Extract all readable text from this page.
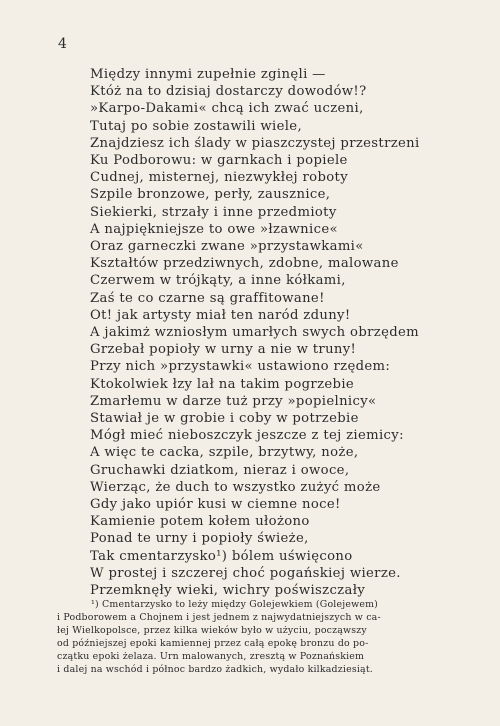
4
Między innymi zupełnie zginęli —
Któż na to dzisiaj dostarczy dowodów!?
»Karpo-Dakami« chcą ich zwać uczeni,
Tutaj po sobie zostawili wiele,
Znajdziesz ich ślady w piaszczystej przestrzeni
Ku Podborowu: w garnkach i popiele
Cudnej, misternej, niezwykłej roboty
Szpile bronzowe, perły, zausznice,
Siekierki, strzały i inne przedmioty
A najpiękniejsze to owe »łzawnice«
Oraz garneczki zwane »przystawkami«
Kształtów przedziwnych, zdobne, malowane
Czerwem w trójkąty, a inne kółkami,
Zaś te co czarne są graffitowane!
Ot! jak artysty miał ten naród zduny!
A jakimż wzniosłym umarłych swych obrzędem
Grzebał popioły w urny a nie w truny!
Przy nich »przystawki« ustawiono rzędem:
Ktokolwiek łzy lał na takim pogrzebie
Zmarłemu w darze tuż przy »popielnicy«
Stawiał je w grobie i coby w potrzebie
Mógł mieć nieboszczyk jeszcze z tej ziemicy:
A więc te cacka, szpile, brzytwy, noże,
Gruchawki dziatkom, nieraz i owoce,
Wierząc, że duch to wszystko zużyć może
Gdy jako upiór kusi w ciemne noce!
Kamienie potem kołem ułożono
Ponad te urny i popioły świeże,
Tak cmentarzysko¹) bólem uświęcono
W prostej i szczerej choć pogańskiej wierze.
Przemknęły wieki, wichry poświszczały
¹) Cmentarzysko to leży między Golejewkiem (Golejewem)
i Podborowem a Chojnem i jest jednem z najwydatniejszych w ca-
łej Wielkopolsce, przez kilka wieków było w użyciu, począwszy
od późniejszej epoki kamiennej przez całą epokę bronzu do po-
czątku epoki żelaza. Urn malowanych, zresztą w Poznańskiem
i dalej na wschód i północ bardzo żadkich, wydało kilkadziesiąt.
